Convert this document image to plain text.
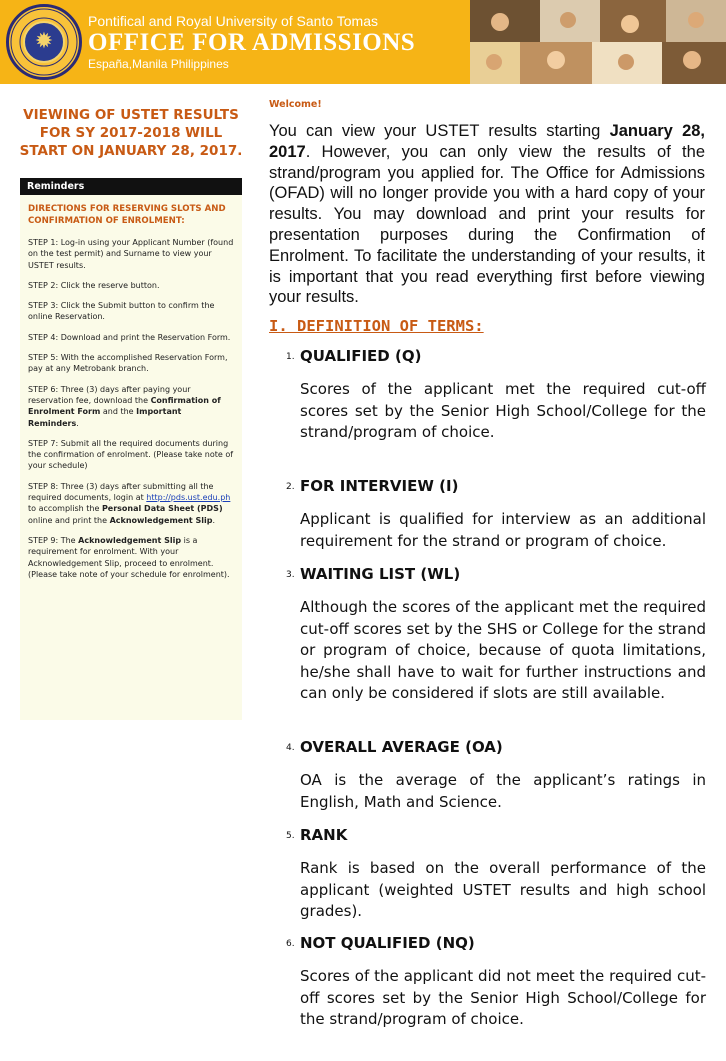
✹
Pontifical and Royal University of Santo Tomas
OFFICE FOR ADMISSIONS
España,Manila Philippines
VIEWING OF USTET RESULTS FOR SY 2017-2018 WILL START ON JANUARY 28, 2017.
Reminders
DIRECTIONS FOR RESERVING SLOTS AND CONFIRMATION OF ENROLMENT:
STEP 1: Log-in using your Applicant Number (found on the test permit) and Surname to view your USTET results.
STEP 2: Click the reserve button.
STEP 3: Click the Submit button to confirm the online Reservation.
STEP 4: Download and print the Reservation Form.
STEP 5: With the accomplished Reservation Form, pay at any Metrobank branch.
STEP 6: Three (3) days after paying your reservation fee, download the Confirmation of Enrolment Form and the Important Reminders.
STEP 7: Submit all the required documents during the confirmation of enrolment. (Please take note of your schedule)
STEP 8: Three (3) days after submitting all the required documents, login at http://pds.ust.edu.ph to accomplish the Personal Data Sheet (PDS) online and print the Acknowledgement Slip.
STEP 9: The Acknowledgement Slip is a requirement for enrolment. With your Acknowledgement Slip, proceed to enrolment. (Please take note of your schedule for enrolment).
Welcome!
You can view your USTET results starting January 28, 2017. However, you can only view the results of the strand/program you applied for. The Office for Admissions (OFAD) will no longer provide you with a hard copy of your results. You may download and print your results for presentation purposes during the Confirmation of Enrolment. To facilitate the understanding of your results, it is important that you read everything first before viewing your results.
I. DEFINITION OF TERMS:
1. QUALIFIED (Q)
Scores of the applicant met the required cut-off scores set by the Senior High School/College for the strand/program of choice.
2. FOR INTERVIEW (I)
Applicant is qualified for interview as an additional requirement for the strand or program of choice.
3. WAITING LIST (WL)
Although the scores of the applicant met the required cut-off scores set by the SHS or College for the strand or program of choice, because of quota limitations, he/she shall have to wait for further instructions and can only be considered if slots are still available.
4. OVERALL AVERAGE (OA)
OA is the average of the applicant’s ratings in English, Math and Science.
5. RANK
Rank is based on the overall performance of the applicant (weighted USTET results and high school grades).
6. NOT QUALIFIED (NQ)
Scores of the applicant did not meet the required cut-off scores set by the Senior High School/College for the strand/program of choice.
